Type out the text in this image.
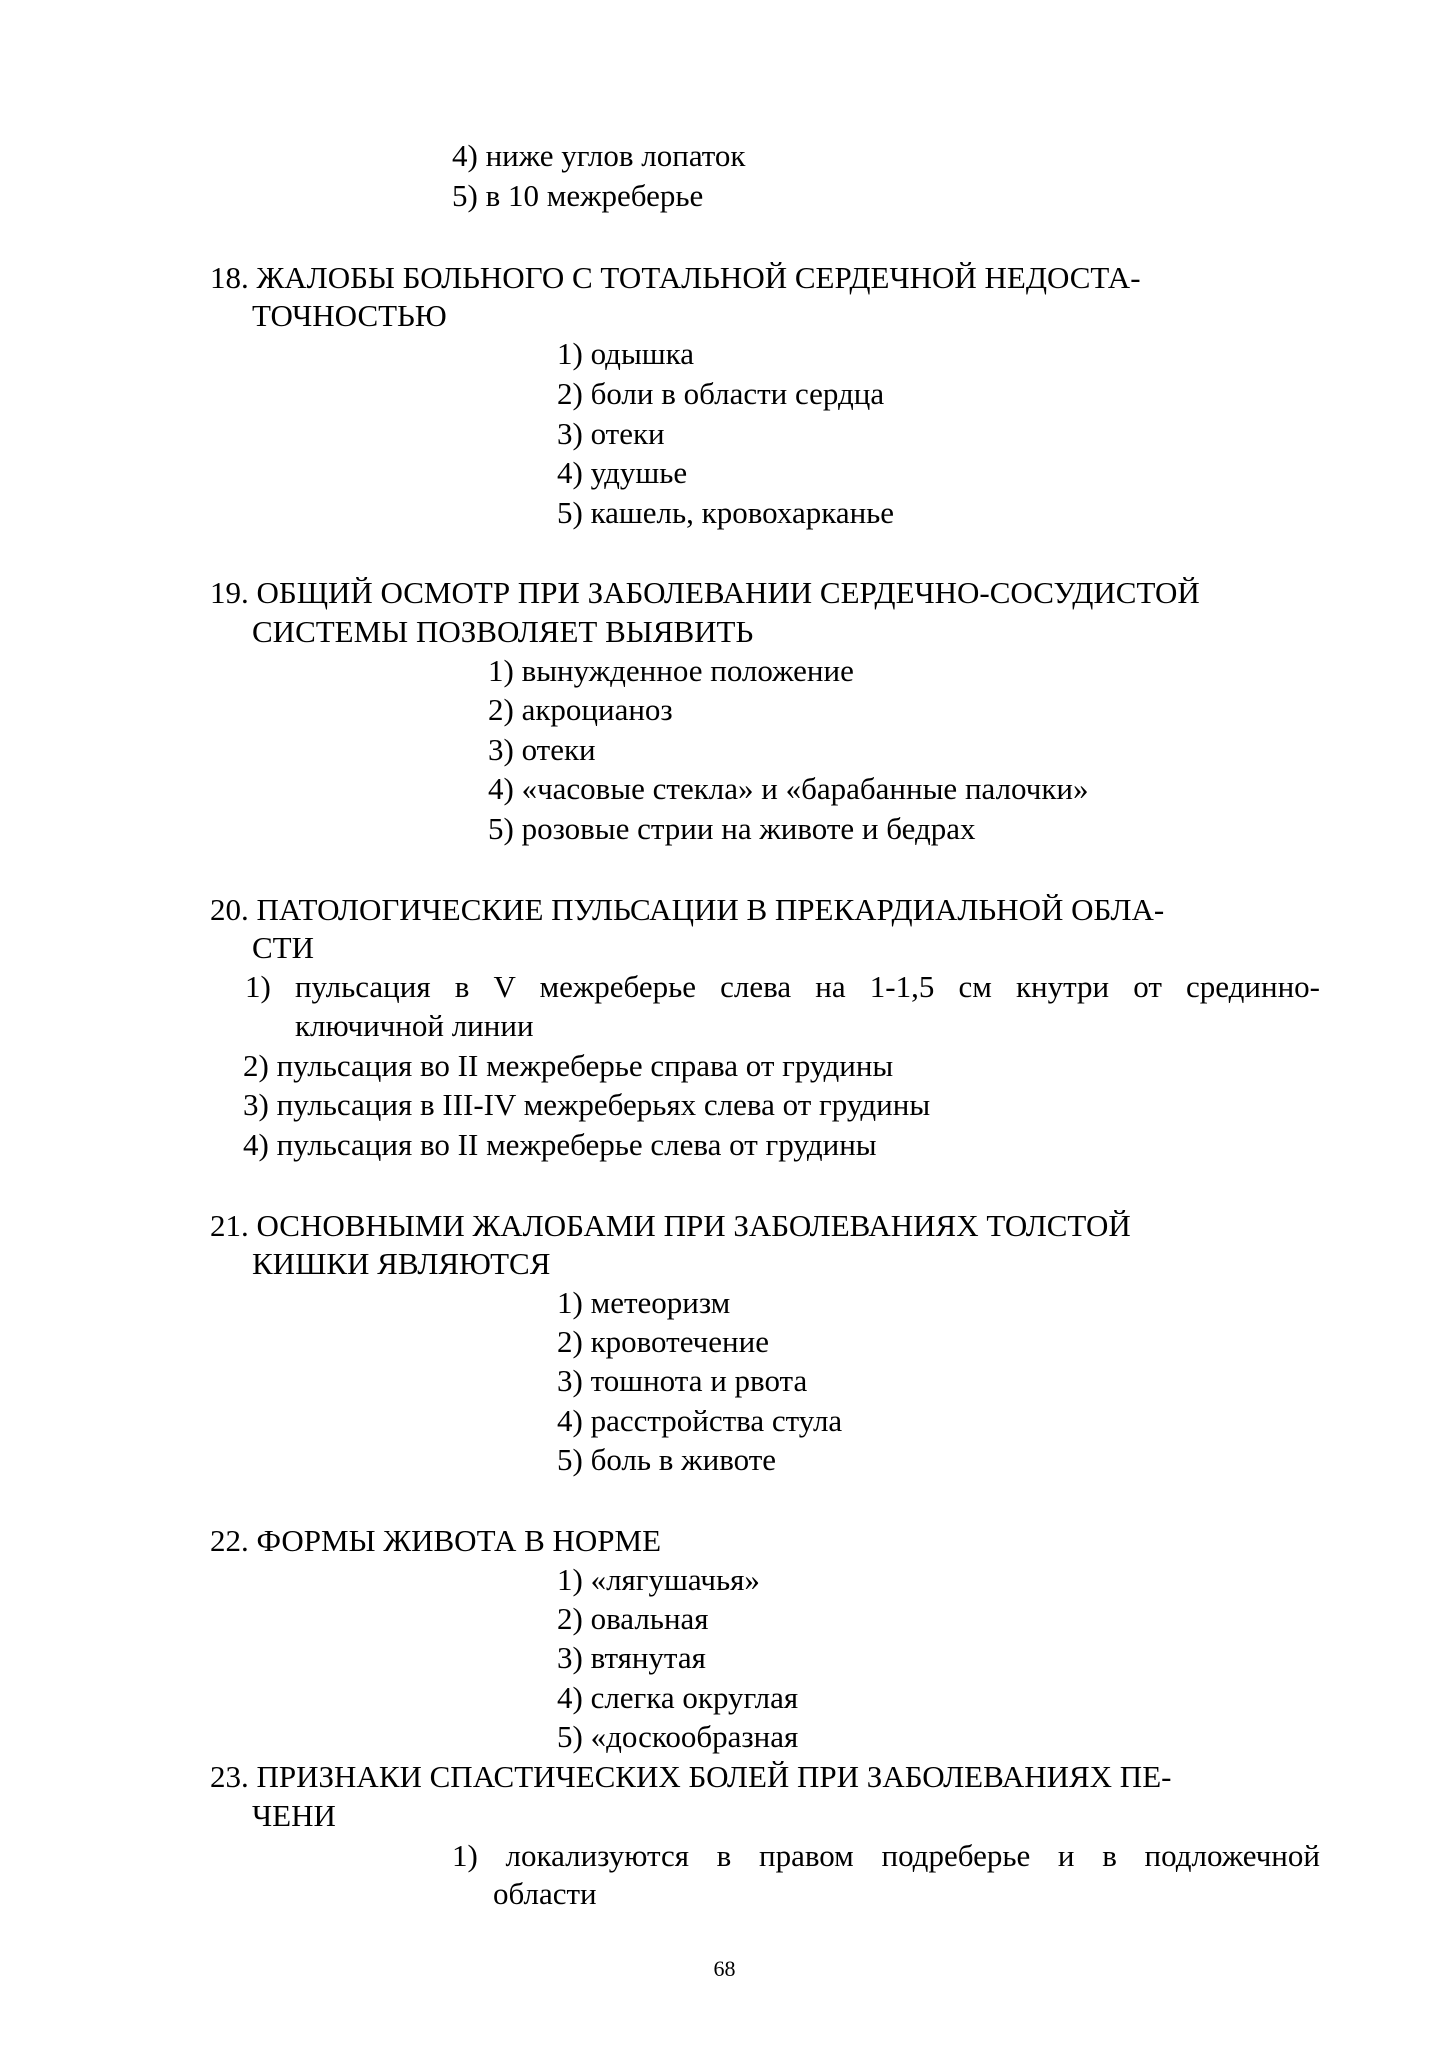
4) ниже углов лопаток
5) в 10 межреберье
18. ЖАЛОБЫ БОЛЬНОГО С ТОТАЛЬНОЙ СЕРДЕЧНОЙ НЕДОСТА-
ТОЧНОСТЬЮ
1) одышка
2) боли в области сердца
3) отеки
4) удушье
5) кашель, кровохарканье
19. ОБЩИЙ ОСМОТР ПРИ ЗАБОЛЕВАНИИ СЕРДЕЧНО-СОСУДИСТОЙ
СИСТЕМЫ ПОЗВОЛЯЕТ ВЫЯВИТЬ
1) вынужденное положение
2) акроцианоз
3) отеки
4) «часовые стекла» и «барабанные палочки»
5) розовые стрии на животе и бедрах
20. ПАТОЛОГИЧЕСКИЕ ПУЛЬСАЦИИ В ПРЕКАРДИАЛЬНОЙ ОБЛА-
СТИ
1) пульсация в V межреберье слева на 1-1,5 см кнутри от срединно-
ключичной линии
2) пульсация во II межреберье справа от грудины
3) пульсация в III-IV межреберьях слева от грудины
4) пульсация во II межреберье слева от грудины
21. ОСНОВНЫМИ ЖАЛОБАМИ ПРИ ЗАБОЛЕВАНИЯХ ТОЛСТОЙ
КИШКИ ЯВЛЯЮТСЯ
1) метеоризм
2) кровотечение
3) тошнота и рвота
4) расстройства стула
5) боль в животе
22. ФОРМЫ ЖИВОТА В НОРМЕ
1) «лягушачья»
2) овальная
3) втянутая
4) слегка округлая
5) «доскообразная
23. ПРИЗНАКИ СПАСТИЧЕСКИХ БОЛЕЙ ПРИ ЗАБОЛЕВАНИЯХ ПЕ-
ЧЕНИ
1) локализуются в правом подреберье и в подложечной
области
68
